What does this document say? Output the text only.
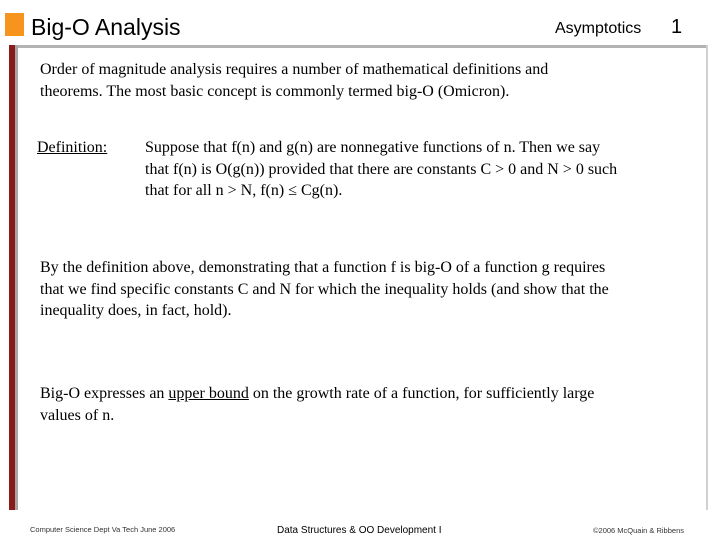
Big-O Analysis	Asymptotics 1
Order of magnitude analysis requires a number of mathematical definitions and
theorems. The most basic concept is commonly termed big-O (Omicron).
Definition: Suppose that f(n) and g(n) are nonnegative functions of n. Then we say
that f(n) is O(g(n)) provided that there are constants C > 0 and N > 0 such
that for all n > N, f(n) ≤ Cg(n).
By the definition above, demonstrating that a function f is big-O of a function g requires
that we find specific constants C and N for which the inequality holds (and show that the
inequality does, in fact, hold).
Big-O expresses an upper bound on the growth rate of a function, for sufficiently large
values of n.
Computer Science Dept Va Tech June 2006	Data Structures & OO Development I	©2006 McQuain & Ribbens
